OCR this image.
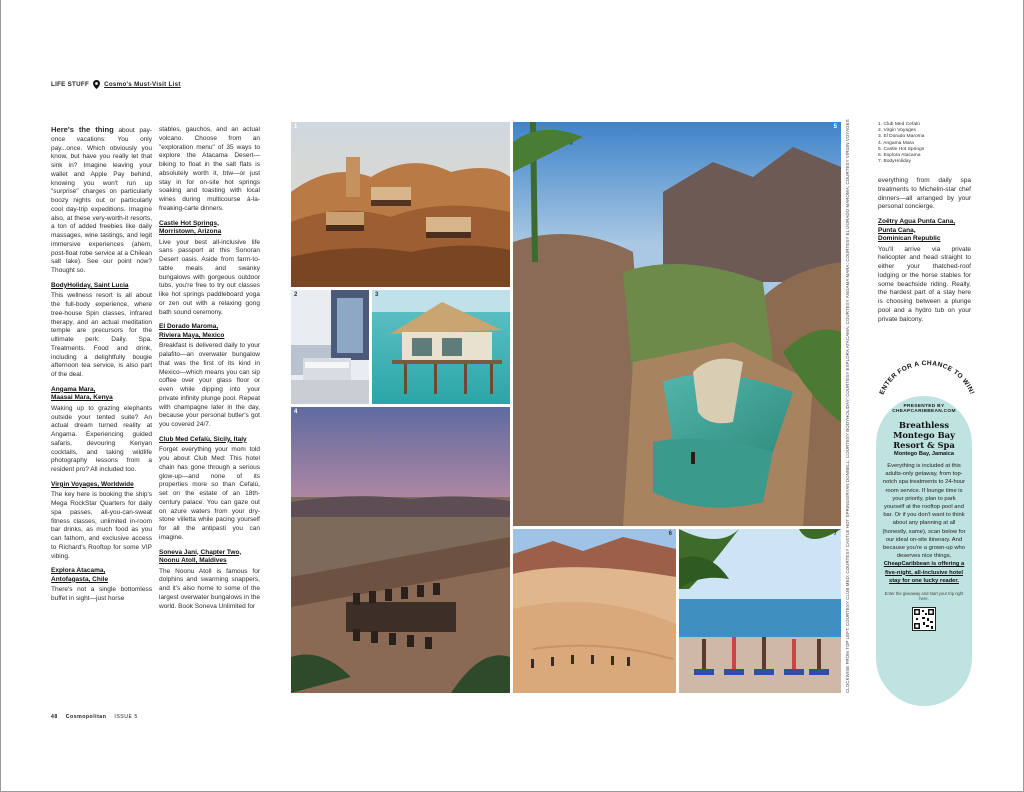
LIFE STUFF Cosmo's Must-Visit List

Here's the thing about pay-once vacations: You only pay...once. Which obviously you know, but have you really let that sink in? Imagine leaving your wallet and Apple Pay behind, knowing you won't run up "surprise" charges on particularly boozy nights out or particularly cool day-trip expeditions. Imagine also, at these very-worth-it resorts, a ton of added freebies like daily massages, wine tastings, and legit immersive experiences (ahem, post-float robe service at a Chilean salt lake). See our point now? Thought so.

BodyHoliday, Saint Lucia

This wellness resort is all about the full-body experience, where tree-house Spin classes, infrared therapy, and an actual meditation temple are precursors for the ultimate perk: Daily. Spa. Treatments. Food and drink, including a delightfully bougie afternoon tea service, is also part of the deal.

Angama Mara,
Maasai Mara, Kenya

Waking up to grazing elephants outside your tented suite? An actual dream turned reality at Angama. Experiencing guided safaris, devouring Kenyan cocktails, and taking wildlife photography lessons from a resident pro? All included too.

Virgin Voyages, Worldwide

The key here is booking the ship's Mega RockStar Quarters for daily spa passes, all-you-can-sweat fitness classes, unlimited in-room bar drinks, as much food as you can fathom, and exclusive access to Richard's Rooftop for some VIP vibing.

Explora Atacama,
Antofagasta, Chile

There's not a single bottomless buffet in sight—just horse

stables, gauchos, and an actual volcano. Choose from an "exploration menu" of 35 ways to explore the Atacama Desert—biking to float in the salt flats is absolutely worth it, btw—or just stay in for on-site hot springs soaking and toasting with local wines during multicourse à-la-freaking-carte dinners.

Castle Hot Springs,
Morristown, Arizona

Live your best all-inclusive life sans passport at this Sonoran Desert oasis. Aside from farm-to-table meals and swanky bungalows with gorgeous outdoor tubs, you're free to try out classes like hot springs paddleboard yoga or zen out with a relaxing gong bath sound ceremony.

El Dorado Maroma,
Riviera Maya, Mexico

Breakfast is delivered daily to your palafito—an overwater bungalow that was the first of its kind in Mexico—which means you can sip coffee over your glass floor or even while dipping into your private infinity plunge pool. Repeat with champagne later in the day, because your personal butler's got you covered 24/7.

Club Med Cefalù, Sicily, Italy

Forget everything your mom told you about Club Med: This hotel chain has gone through a serious glow-up—and none of its properties more so than Cefalù, set on the estate of an 18th-century palace. You can gaze out on azure waters from your dry-stone villetta while pacing yourself for all the antipasti you can imagine.

Soneva Jani, Chapter Two,
Noonu Atoll, Maldives

The Noonu Atoll is famous for dolphins and swarming snappers, and it's also home to some of the largest overwater bungalows in the world. Book Soneva Unlimited for

1
2	3
4
5
6	7 CLOCKWISE FROM TOP LEFT: COURTESY CLUB MED; COURTESY CASTLE HOT SPRINGS/RYAN DONNELL; COURTESY BODYHOLIDAY; COURTESY EXPLORA ATACAMA; COURTESY ANGAMA MARA; COURTESY EL DORADO MAROMA; COURTESY VIRGIN VOYAGES	1. Club Med Cefalù
2. Virgin Voyages
3. El Dorado Maroma
4. Angama Mara
5. Castle Hot Springs
6. Explora Atacama
7. BodyHoliday

everything from daily spa treatments to Michelin-star chef dinners—all arranged by your personal concierge.

Zoëtry Agua Punta Cana,
Punta Cana,
Dominican Republic

You'll arrive via private helicopter and head straight to either your thatched-roof lodging or the horse stables for some beachside riding. Really, the hardest part of a stay here is choosing between a plunge pool and a hydro tub on your private balcony.

ENTER FOR A CHANCE TO WIN!
PRESENTED BY
CHEAPCARIBBEAN.COM
Breathless Montego Bay Resort & Spa
Montego Bay, Jamaica
Everything is included at this adults-only getaway, from top-notch spa treatments to 24-hour room service. If lounge time is your priority, plan to park yourself at the rooftop pool and bar. Or if you don't want to think about any planning at all (honestly, same), scan below for our ideal on-site itinerary. And because you're a grown-up who deserves nice things,
CheapCaribbean is offering a five-night, all-inclusive hotel stay for one lucky reader.
Enter the giveaway and start your trip right here.
48 Cosmopolitan ISSUE 5
